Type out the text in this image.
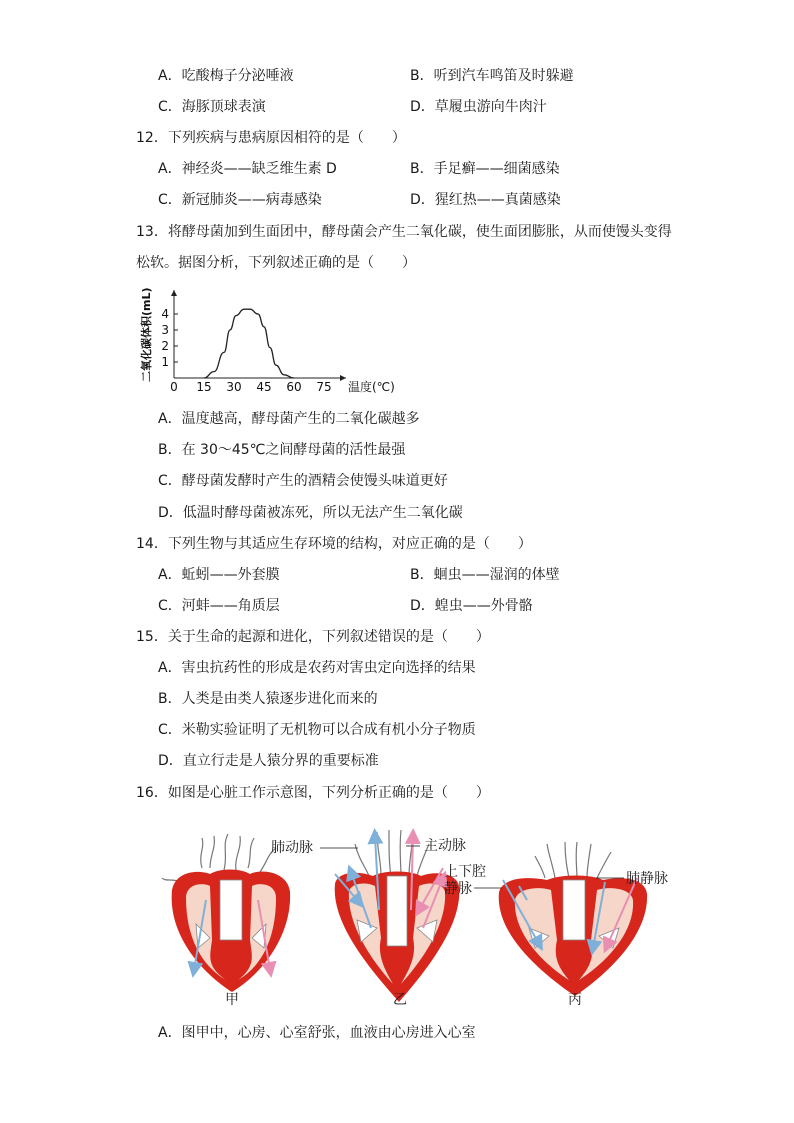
A．吃酸梅子分泌唾液	B．听到汽车鸣笛及时躲避
C．海豚顶球表演	D．草履虫游向牛肉汁
12．下列疾病与患病原因相符的是（　　）
A．神经炎——缺乏维生素 D	B．手足癣——细菌感染
C．新冠肺炎——病毒感染	D．猩红热——真菌感染
13．将酵母菌加到生面团中，酵母菌会产生二氧化碳，使生面团膨胀，从而使馒头变得
松软。据图分析，下列叙述正确的是（　　）
0 15 30 45 60 75
1
2
3
4
温度(℃)
二氧化碳体积(mL)
A．温度越高，酵母菌产生的二氧化碳越多
B．在 30～45℃之间酵母菌的活性最强
C．酵母菌发酵时产生的酒精会使馒头味道更好
D．低温时酵母菌被冻死，所以无法产生二氧化碳
14．下列生物与其适应生存环境的结构，对应正确的是（　　）
A．蚯蚓——外套膜	B．蛔虫——湿润的体壁
C．河蚌——角质层	D．蝗虫——外骨骼
15．关于生命的起源和进化，下列叙述错误的是（　　）
A．害虫抗药性的形成是农药对害虫定向选择的结果
B．人类是由类人猿逐步进化而来的
C．米勒实验证明了无机物可以合成有机小分子物质
D．直立行走是人猿分界的重要标准
16．如图是心脏工作示意图，下列分析正确的是（　　）
肺动脉	主动脉
上下腔
静脉
肺静脉
甲	乙	丙
A．图甲中，心房、心室舒张，血液由心房进入心室
